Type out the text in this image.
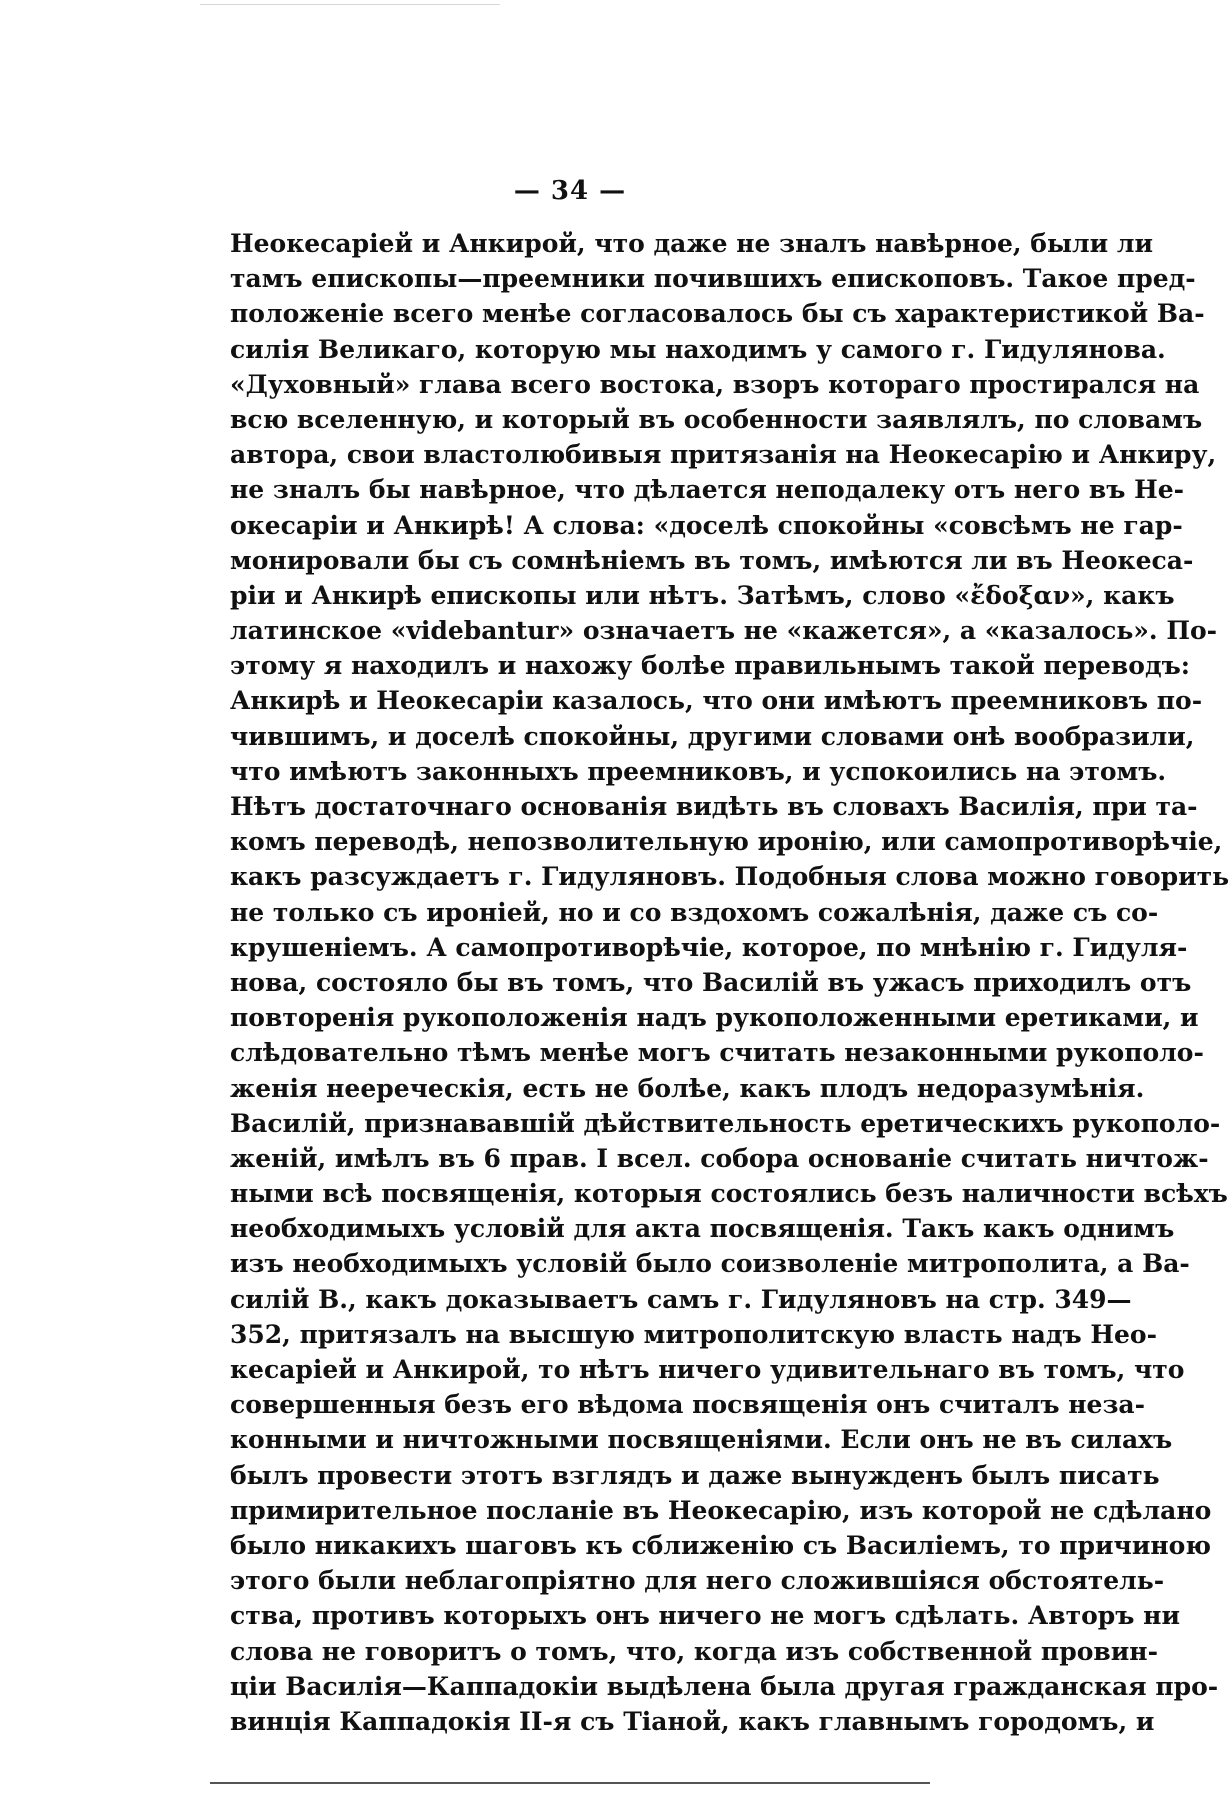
— 34 —
Неокесаріей и Анкирой, что даже не зналъ навѣрное, были ли
тамъ епископы—преемники почившихъ епископовъ. Такое пред-
положеніе всего менѣе согласовалось бы съ характеристикой Ва-
силія Великаго, которую мы находимъ у самого г. Гидулянова.
«Духовный» глава всего востока, взоръ котораго простирался на
всю вселенную, и который въ особенности заявлялъ, по словамъ
автора, свои властолюбивыя притязанія на Неокесарію и Анкиру,
не зналъ бы навѣрное, что дѣлается неподалеку отъ него въ Не-
окесаріи и Анкирѣ! А слова: «доселѣ спокойны «совсѣмъ не гар-
монировали бы съ сомнѣніемъ въ томъ, имѣются ли въ Неокеса-
ріи и Анкирѣ епископы или нѣтъ. Затѣмъ, слово «ἔδοξαν», какъ
латинское «videbantur» означаетъ не «кажется», а «казалось». По-
этому я находилъ и нахожу болѣе правильнымъ такой переводъ:
Анкирѣ и Неокесаріи казалось, что они имѣютъ преемниковъ по-
чившимъ, и доселѣ спокойны, другими словами онѣ вообразили,
что имѣютъ законныхъ преемниковъ, и успокоились на этомъ.
Нѣтъ достаточнаго основанія видѣть въ словахъ Василія, при та-
комъ переводѣ, непозволительную иронію, или самопротиворѣчіе,
какъ разсуждаетъ г. Гидуляновъ. Подобныя слова можно говорить
не только съ ироніей, но и со вздохомъ сожалѣнія, даже съ со-
крушеніемъ. А самопротиворѣчіе, которое, по мнѣнію г. Гидуля-
нова, состояло бы въ томъ, что Василій въ ужасъ приходилъ отъ
повторенія рукоположенія надъ рукоположенными еретиками, и
слѣдовательно тѣмъ менѣе могъ считать незаконными рукополо-
женія неереческія, есть не болѣе, какъ плодъ недоразумѣнія.
Василій, признававшій дѣйствительность еретическихъ рукополо-
женій, имѣлъ въ 6 прав. I всел. собора основаніе считать ничтож-
ными всѣ посвященія, которыя состоялись безъ наличности всѣхъ
необходимыхъ условій для акта посвященія. Такъ какъ однимъ
изъ необходимыхъ условій было соизволеніе митрополита, а Ва-
силій В., какъ доказываетъ самъ г. Гидуляновъ на стр. 349—
352, притязалъ на высшую митрополитскую власть надъ Нео-
кесаріей и Анкирой, то нѣтъ ничего удивительнаго въ томъ, что
совершенныя безъ его вѣдома посвященія онъ считалъ неза-
конными и ничтожными посвященіями. Если онъ не въ силахъ
былъ провести этотъ взглядъ и даже вынужденъ былъ писать
примирительное посланіе въ Неокесарію, изъ которой не сдѣлано
было никакихъ шаговъ къ сближенію съ Василіемъ, то причиною
этого были неблагопріятно для него сложившіяся обстоятель-
ства, противъ которыхъ онъ ничего не могъ сдѣлать. Авторъ ни
слова не говоритъ о томъ, что, когда изъ собственной провин-
ціи Василія—Каппадокіи выдѣлена была другая гражданская про-
винція Каппадокія II-я съ Тіаной, какъ главнымъ городомъ, и
